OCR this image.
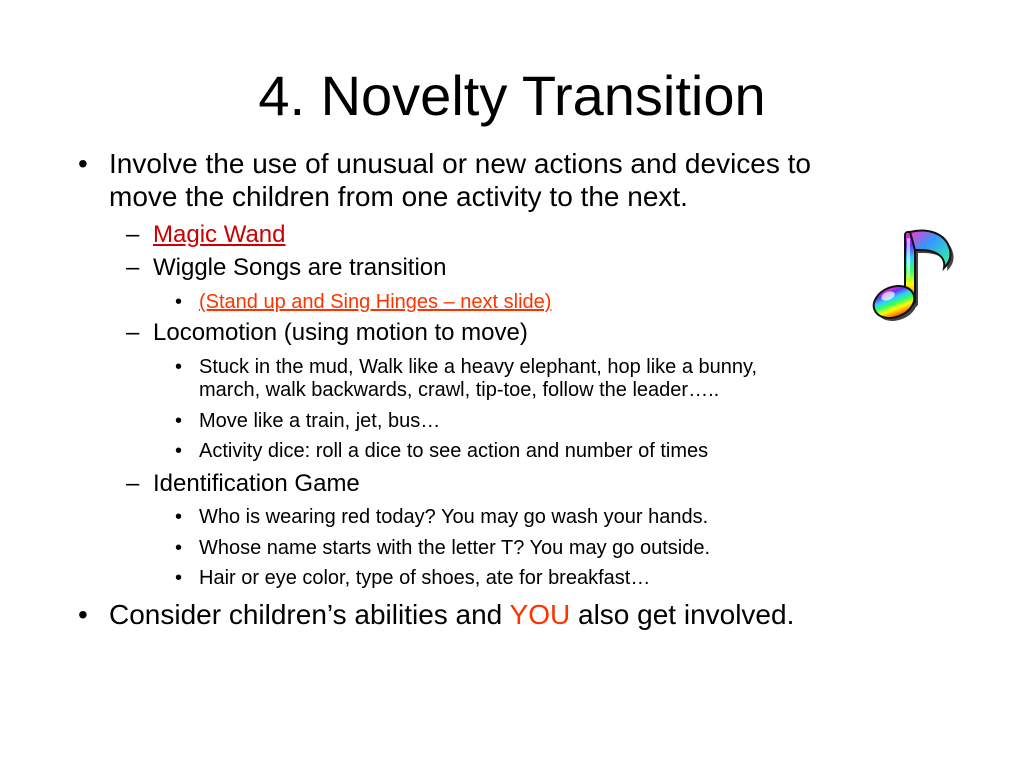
4. Novelty Transition
• Involve the use of unusual or new actions and devices to
move the children from one activity to the next.
– Magic Wand
– Wiggle Songs are transition
• (Stand up and Sing Hinges – next slide)
– Locomotion (using motion to move)
• Stuck in the mud, Walk like a heavy elephant, hop like a bunny,
march, walk backwards, crawl, tip-toe, follow the leader…..
• Move like a train, jet, bus…
• Activity dice: roll a dice to see action and number of times
– Identification Game
• Who is wearing red today? You may go wash your hands.
• Whose name starts with the letter T? You may go outside.
• Hair or eye color, type of shoes, ate for breakfast…
• Consider children’s abilities and YOU also get involved.
